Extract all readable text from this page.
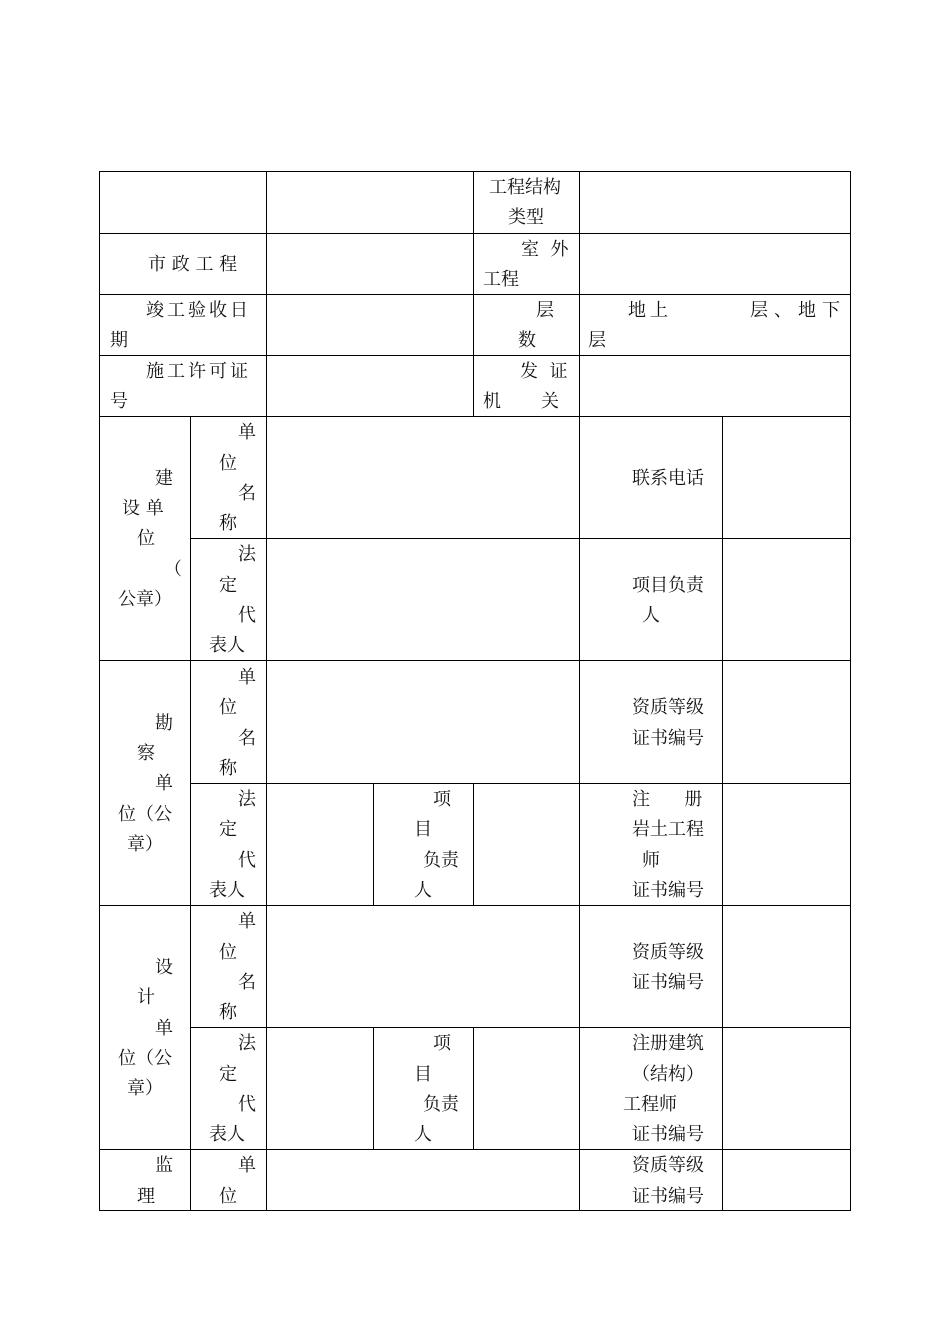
工程结构
类型
市 政 工 程
室  外
工程
竣工验收日
期
层
数
地上	层、地下
层
施工许可证
号
发  证
机       关
建
设 单
位
（
公章）
单
位
名
称
联系电话
法
定
代
表人
项目负责
人
勘
察
单
位（公
章）
单
位
名
称
资质等级
证书编号
法
定
代
表人
项
目
负责
人
注      册
岩土工程
师
证书编号
设
计
单
位（公
章）
单
位
名
称
资质等级
证书编号
法
定
代
表人
项
目
负责
人
注册建筑
（结构）
工程师
证书编号
监
理
单
位
资质等级
证书编号
